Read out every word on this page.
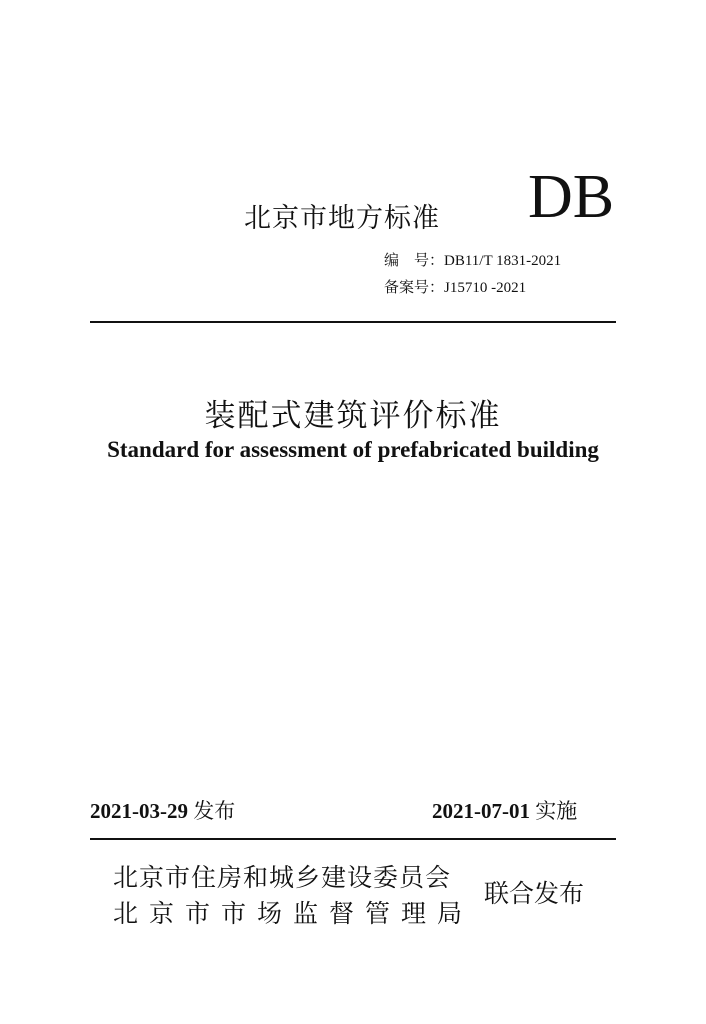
北京市地方标准 DB
编　号：DB11/T 1831-2021
备案号：J15710 -2021
装配式建筑评价标准
Standard for assessment of prefabricated building
2021-03-29 发布	2021-07-01 实施
北京市住房和城乡建设委员会
北京市市场监督管理局
联合发布
